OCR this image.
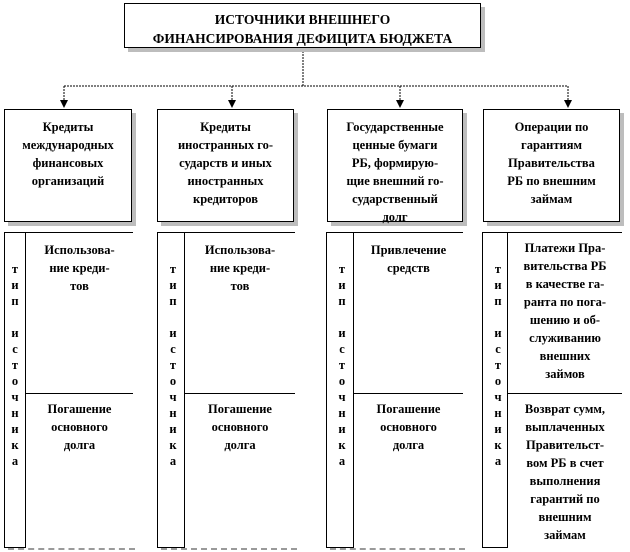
ИСТОЧНИКИ ВНЕШНЕГО
ФИНАНСИРОВАНИЯ ДЕФИЦИТА БЮДЖЕТА
Кредиты
международных
финансовых
организаций
т
и
п

и
с
т
о
ч
н
и
к
а
Использова-
ние креди-
тов
Погашение
основного
долга
Кредиты
иностранных го-
сударств и иных
иностранных
кредиторов
т
и
п

и
с
т
о
ч
н
и
к
а
Использова-
ние креди-
тов
Погашение
основного
долга
Государственные
ценные бумаги
РБ, формирую-
щие внешний го-
сударственный
долг
т
и
п

и
с
т
о
ч
н
и
к
а
Привлечение
средств
Погашение
основного
долга
Операции по
гарантиям
Правительства
РБ по внешним
займам
т
и
п

и
с
т
о
ч
н
и
к
а
Платежи Пра-
вительства РБ
в качестве га-
ранта по пога-
шению и об-
служиванию
внешних
займов
Возврат сумм,
выплаченных
Правительст-
вом РБ в счет
выполнения
гарантий по
внешним
займам
